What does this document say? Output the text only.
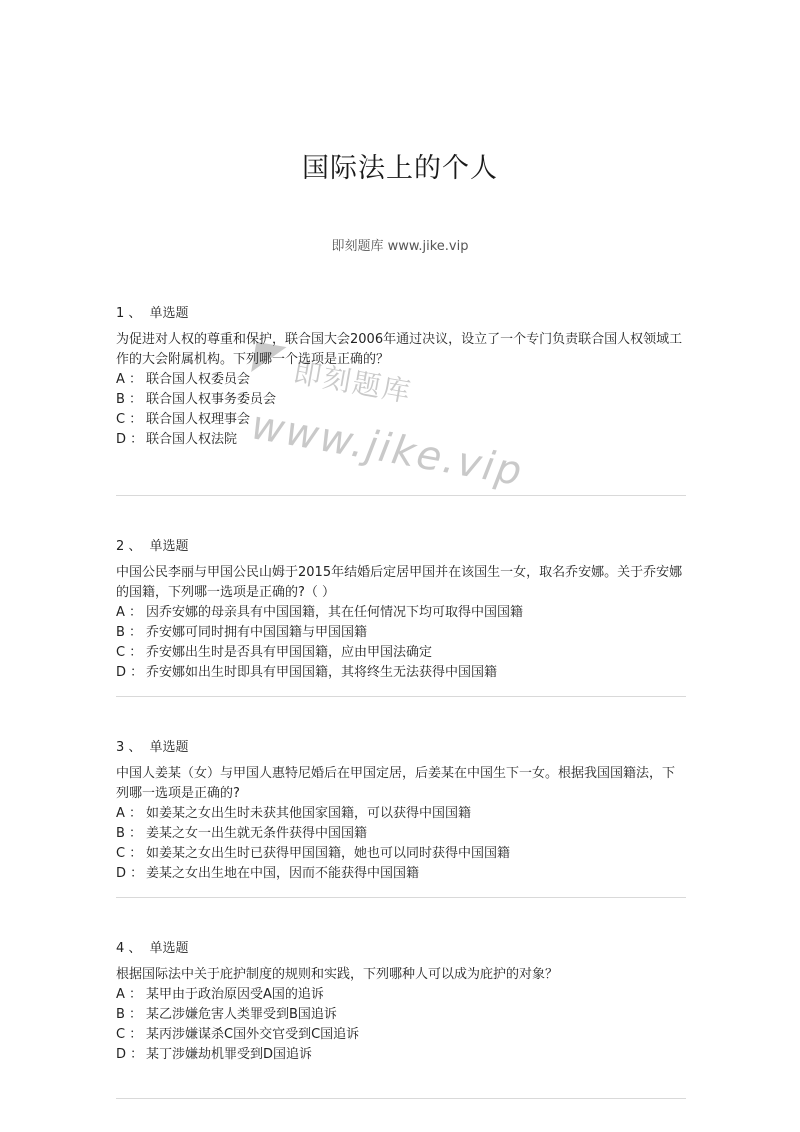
国际法上的个人
即刻题库 www.jike.vip
◤ 即刻题库
www.jike.vip
1 、 单选题
为促进对人权的尊重和保护，联合国大会2006年通过决议，设立了一个专门负责联合国人权领域工作的大会附属机构。下列哪一个选项是正确的？
A ： 联合国人权委员会
B ： 联合国人权事务委员会
C ： 联合国人权理事会
D ： 联合国人权法院
2 、 单选题
中国公民李丽与甲国公民山姆于2015年结婚后定居甲国并在该国生一女，取名乔安娜。关于乔安娜的国籍，下列哪一选项是正确的?（ ）
A ： 因乔安娜的母亲具有中国国籍，其在任何情况下均可取得中国国籍
B ： 乔安娜可同时拥有中国国籍与甲国国籍
C ： 乔安娜出生时是否具有甲国国籍，应由甲国法确定
D ： 乔安娜如出生时即具有甲国国籍，其将终生无法获得中国国籍
3 、 单选题
中国人姜某（女）与甲国人惠特尼婚后在甲国定居，后姜某在中国生下一女。根据我国国籍法，下列哪一选项是正确的?
A ： 如姜某之女出生时未获其他国家国籍，可以获得中国国籍
B ： 姜某之女一出生就无条件获得中国国籍
C ： 如姜某之女出生时已获得甲国国籍，她也可以同时获得中国国籍
D ： 姜某之女出生地在中国，因而不能获得中国国籍
4 、 单选题
根据国际法中关于庇护制度的规则和实践，下列哪种人可以成为庇护的对象？
A ： 某甲由于政治原因受A国的追诉
B ： 某乙涉嫌危害人类罪受到B国追诉
C ： 某丙涉嫌谋杀C国外交官受到C国追诉
D ： 某丁涉嫌劫机罪受到D国追诉
